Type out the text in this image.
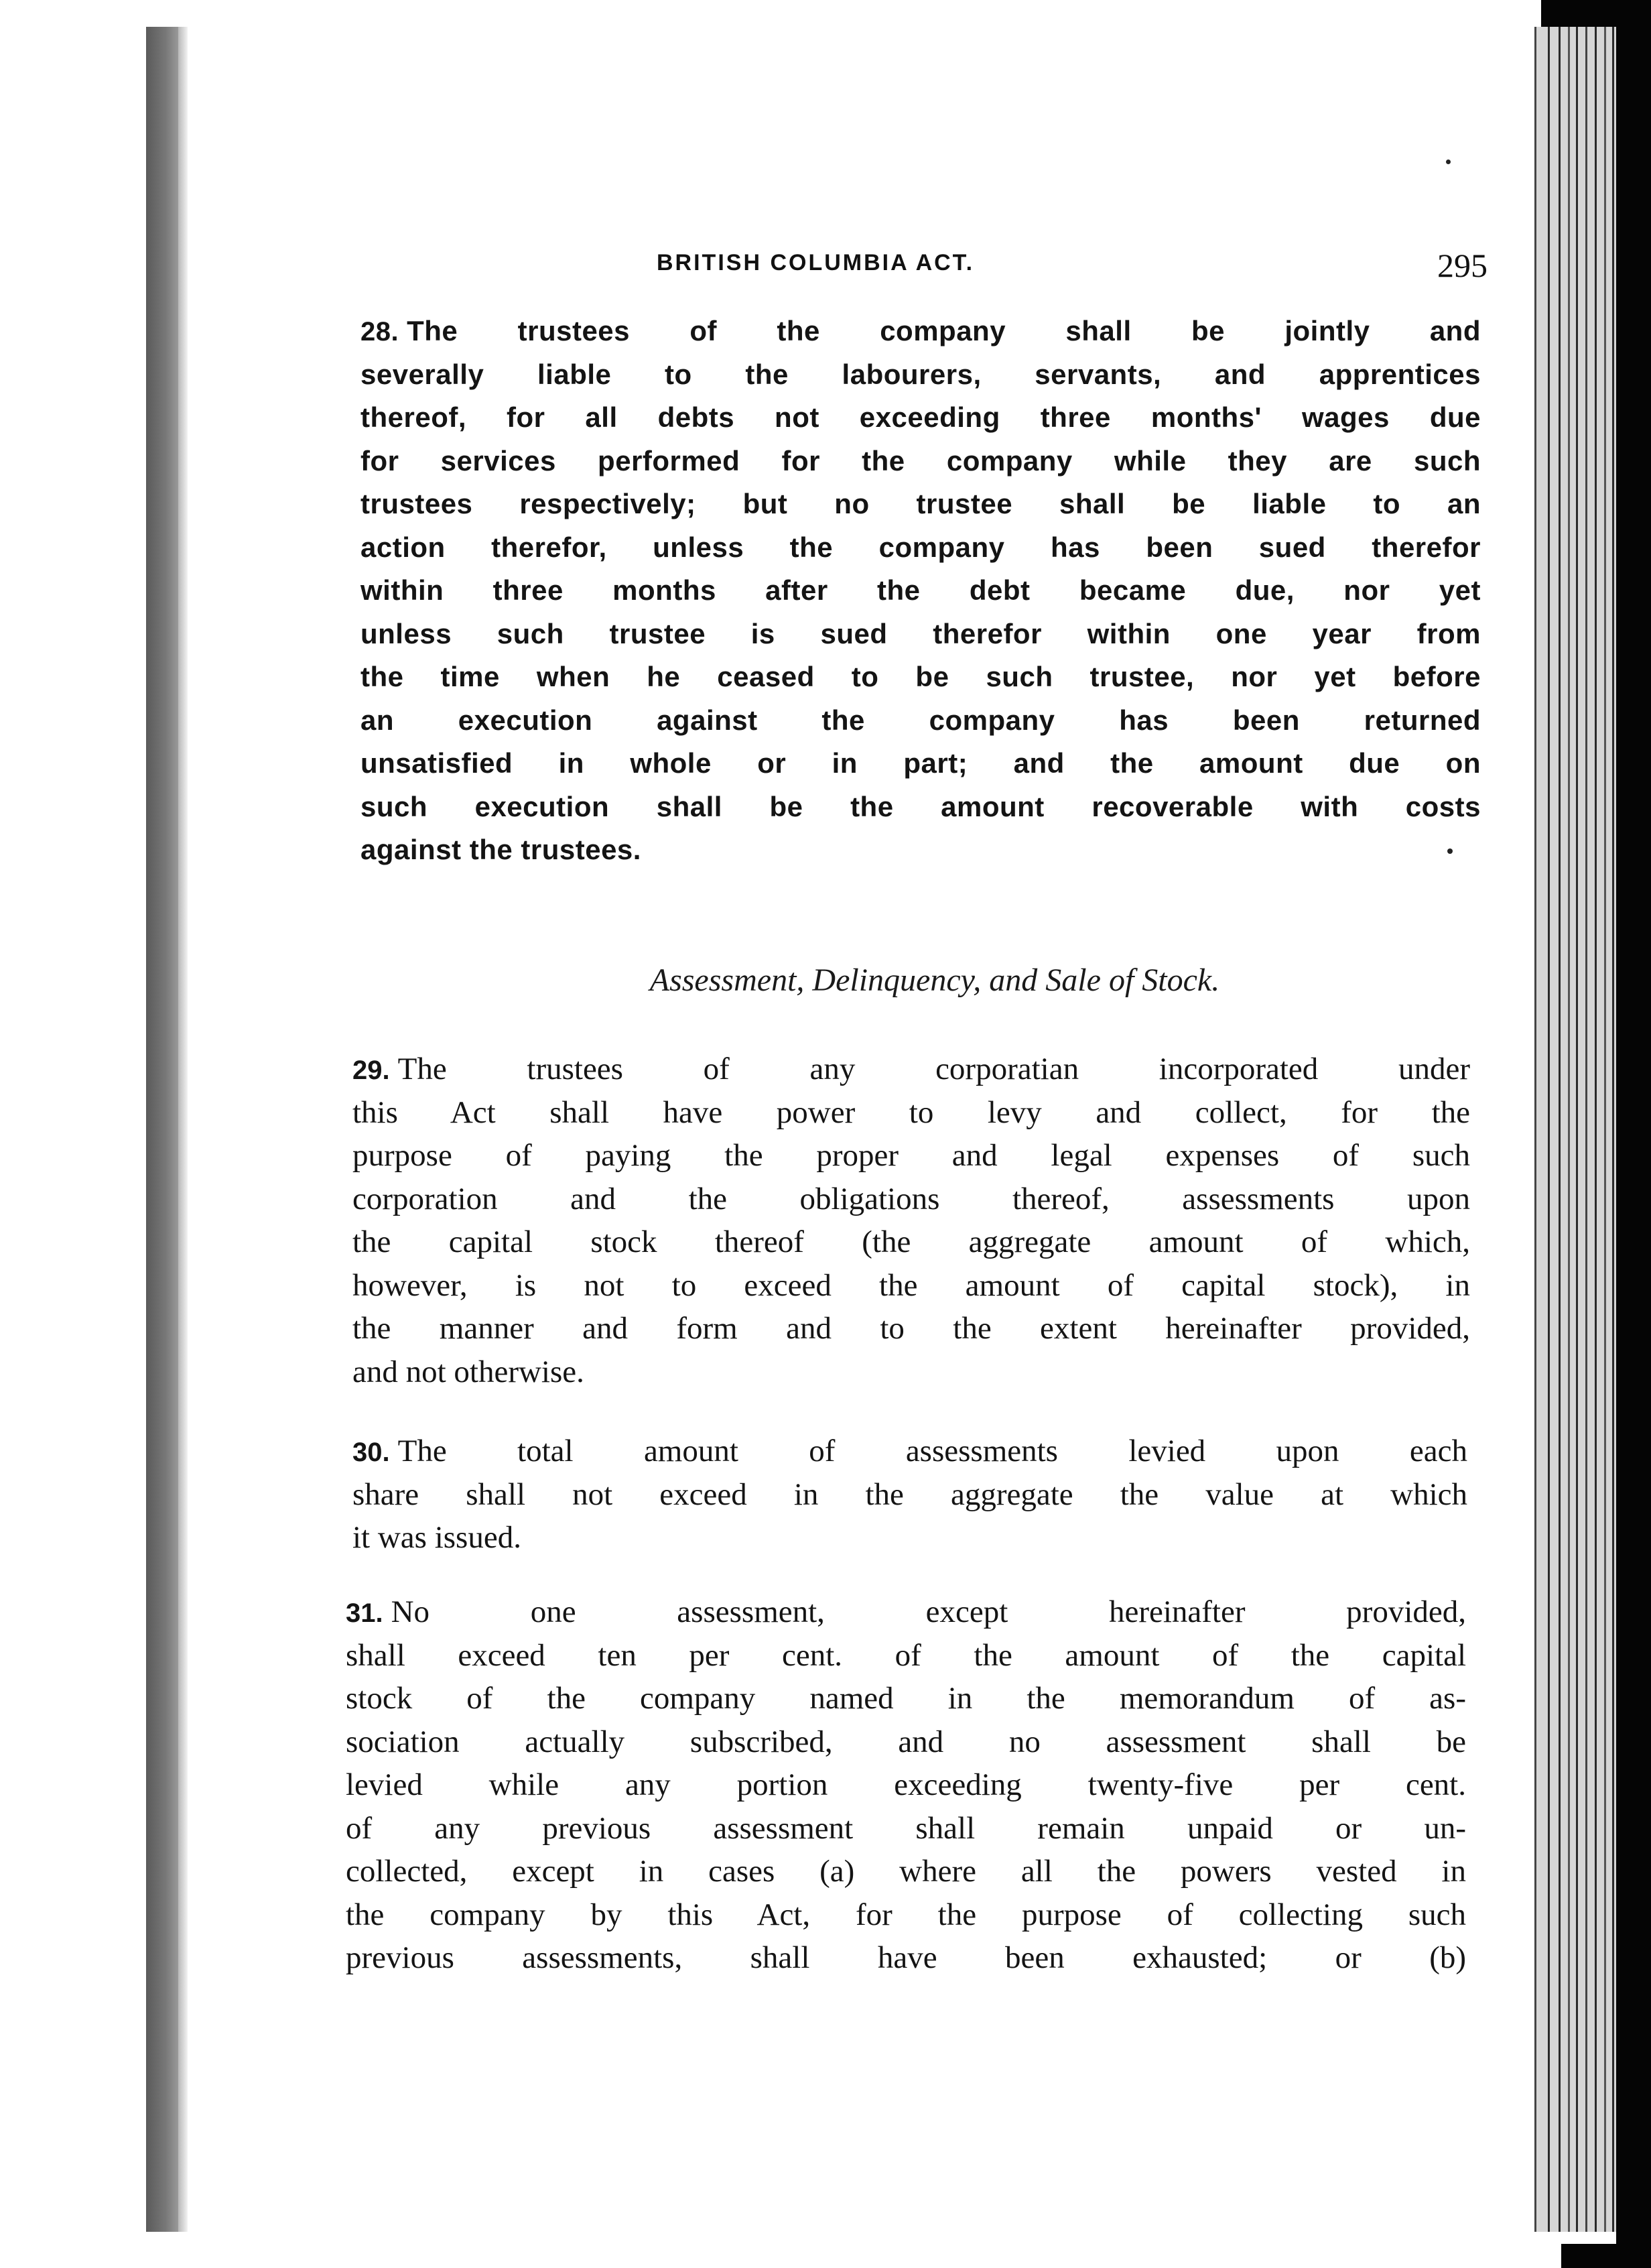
BRITISH COLUMBIA ACT.	295
28. The trustees of the company shall be jointly and
severally liable to the labourers, servants, and apprentices
thereof, for all debts not exceeding three months' wages due
for services performed for the company while they are such
trustees respectively; but no trustee shall be liable to an
action therefor, unless the company has been sued therefor
within three months after the debt became due, nor yet
unless such trustee is sued therefor within one year from
the time when he ceased to be such trustee, nor yet before
an execution against the company has been returned
unsatisfied in whole or in part; and the amount due on
such execution shall be the amount recoverable with costs
against the trustees.
Assessment, Delinquency, and Sale of Stock.
29. The trustees of any corporatian incorporated under
this Act shall have power to levy and collect, for the
purpose of paying the proper and legal expenses of such
corporation and the obligations thereof, assessments upon
the capital stock thereof (the aggregate amount of which,
however, is not to exceed the amount of capital stock), in
the manner and form and to the extent hereinafter provided,
and not otherwise.
30. The total amount of assessments levied upon each
share shall not exceed in the aggregate the value at which
it was issued.
31. No one assessment, except hereinafter provided,
shall exceed ten per cent. of the amount of the capital
stock of the company named in the memorandum of as-
sociation actually subscribed, and no assessment shall be
levied while any portion exceeding twenty-five per cent.
of any previous assessment shall remain unpaid or un-
collected, except in cases (a) where all the powers vested in
the company by this Act, for the purpose of collecting such
previous assessments, shall have been exhausted; or (b)
